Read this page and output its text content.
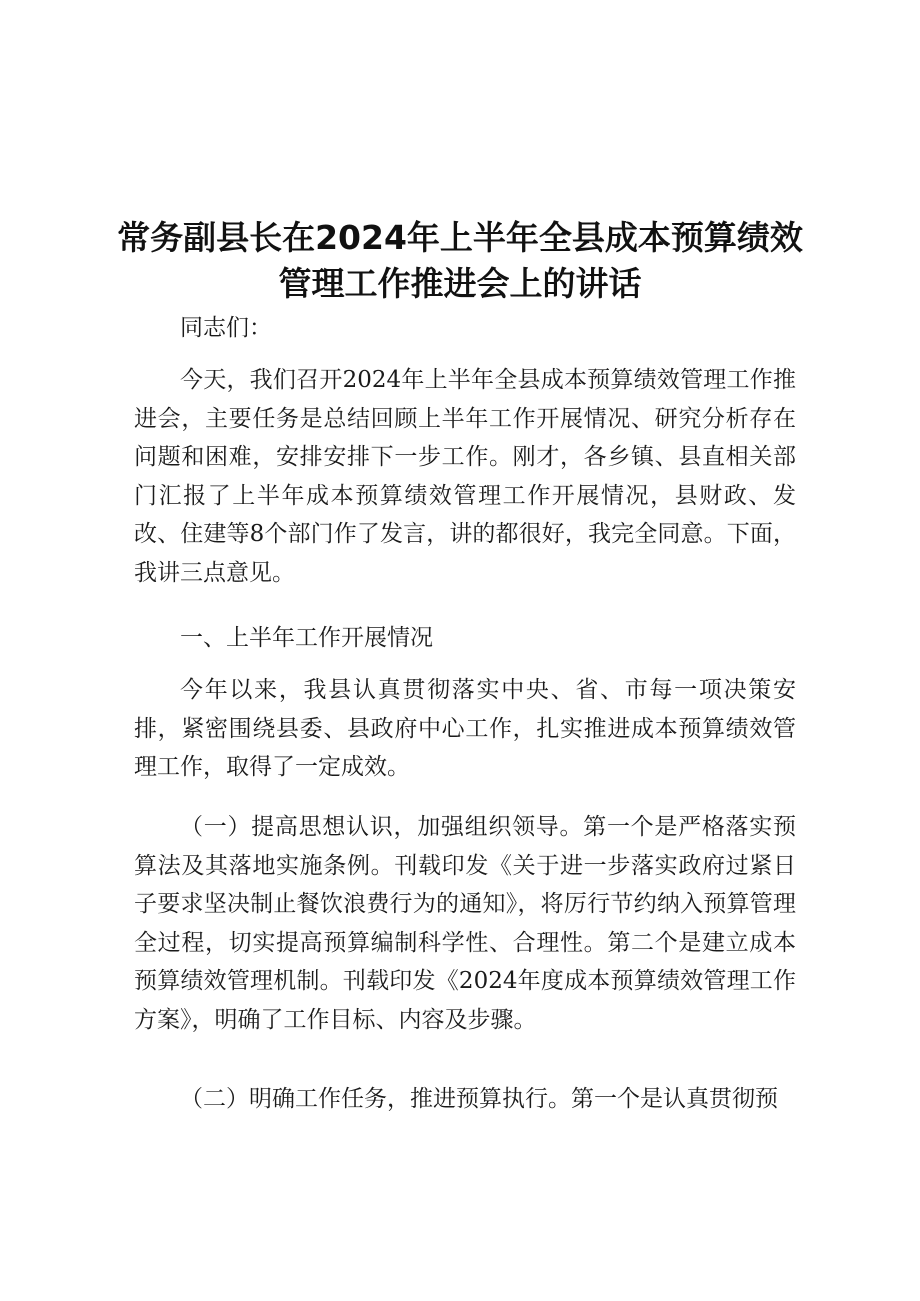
常务副县长在2024年上半年全县成本预算绩效
管理工作推进会上的讲话

同志们：

今天，我们召开2024年上半年全县成本预算绩效管理工作推进会，主要任务是总结回顾上半年工作开展情况、研究分析存在问题和困难，安排安排下一步工作。刚才，各乡镇、县直相关部门汇报了上半年成本预算绩效管理工作开展情况，县财政、发改、住建等8个部门作了发言，讲的都很好，我完全同意。下面，我讲三点意见。

一、上半年工作开展情况

今年以来，我县认真贯彻落实中央、省、市每一项决策安排，紧密围绕县委、县政府中心工作，扎实推进成本预算绩效管理工作，取得了一定成效。

（一）提高思想认识，加强组织领导。第一个是严格落实预算法及其落地实施条例。刊载印发《关于进一步落实政府过紧日子要求坚决制止餐饮浪费行为的通知》，将厉行节约纳入预算管理全过程，切实提高预算编制科学性、合理性。第二个是建立成本预算绩效管理机制。刊载印发《2024年度成本预算绩效管理工作方案》，明确了工作目标、内容及步骤。

（二）明确工作任务，推进预算执行。第一个是认真贯彻预
